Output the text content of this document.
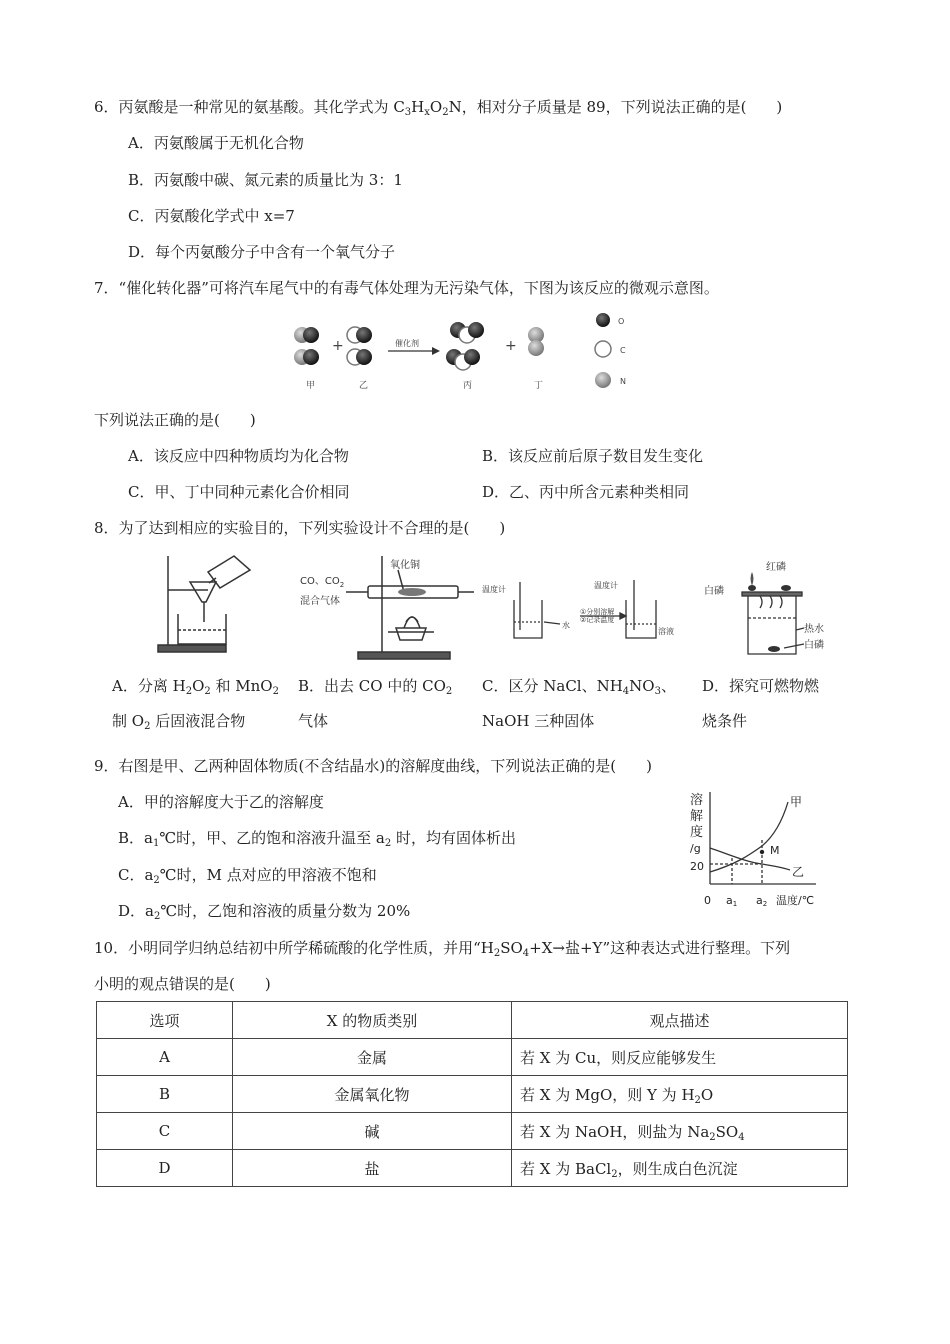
6．丙氨酸是一种常见的氨基酸。其化学式为 $C_3H_xO_2N$，相对分子质量是 89，下列说法正确的是(　　)
A．丙氨酸属于无机化合物
B．丙氨酸中碳、氮元素的质量比为 3：1
C．丙氨酸化学式中 x=7
D．每个丙氨酸分子中含有一个氧气分子
7．“催化转化器”可将汽车尾气中的有毒气体处理为无污染气体，下图为该反应的微观示意图。
+	催化剂	+
甲	乙	丙	丁
O
C
N
下列说法正确的是(　　)
A．该反应中四种物质均为化合物	B．该反应前后原子数目发生变化
C．甲、丁中同种元素化合价相同	D．乙、丙中所含元素种类相同
8．为了达到相应的实验目的，下列实验设计不合理的是(　　)
CO、$CO_2$
混合气体
氧化铜
温度计
水
温度计
溶液
①分别溶解
②记录温度
红磷
白磷
热水
白磷
A．分离 $H_2O_2$ 和 MnO$_2$
制 $O_2$ 后固液混合物
B．出去 CO 中的 $CO_2$
气体
C．区分 NaCl、$NH_4NO_3$、
NaOH 三种固体
D．探究可燃物燃
烧条件
9．右图是甲、乙两种固体物质(不含结晶水)的溶解度曲线，下列说法正确的是(　　)
A．甲的溶解度大于乙的溶解度
B．$a_1℃$时，甲、乙的饱和溶液升温至 $a_2$ 时，均有固体析出
C．$a_2℃$时，M 点对应的甲溶液不饱和
D．$a_2℃$时，乙饱和溶液的质量分数为 20%
溶
解
度
/g
20
0 a1 a2 温度/℃
甲
乙
M
10．小明同学归纳总结初中所学稀硫酸的化学性质，并用“$H_2SO_4+X\to$盐+Y”这种表达式进行整理。下列
小明的观点错误的是(　　)
选项	X 的物质类别	观点描述
A	金属	若 X 为 Cu，则反应能够发生
B	金属氧化物	若 X 为 MgO，则 Y 为 $H_2O$
C	碱	若 X 为 NaOH，则盐为 $Na_2SO_4$
D	盐	若 X 为 BaCl$_2$，则生成白色沉淀
